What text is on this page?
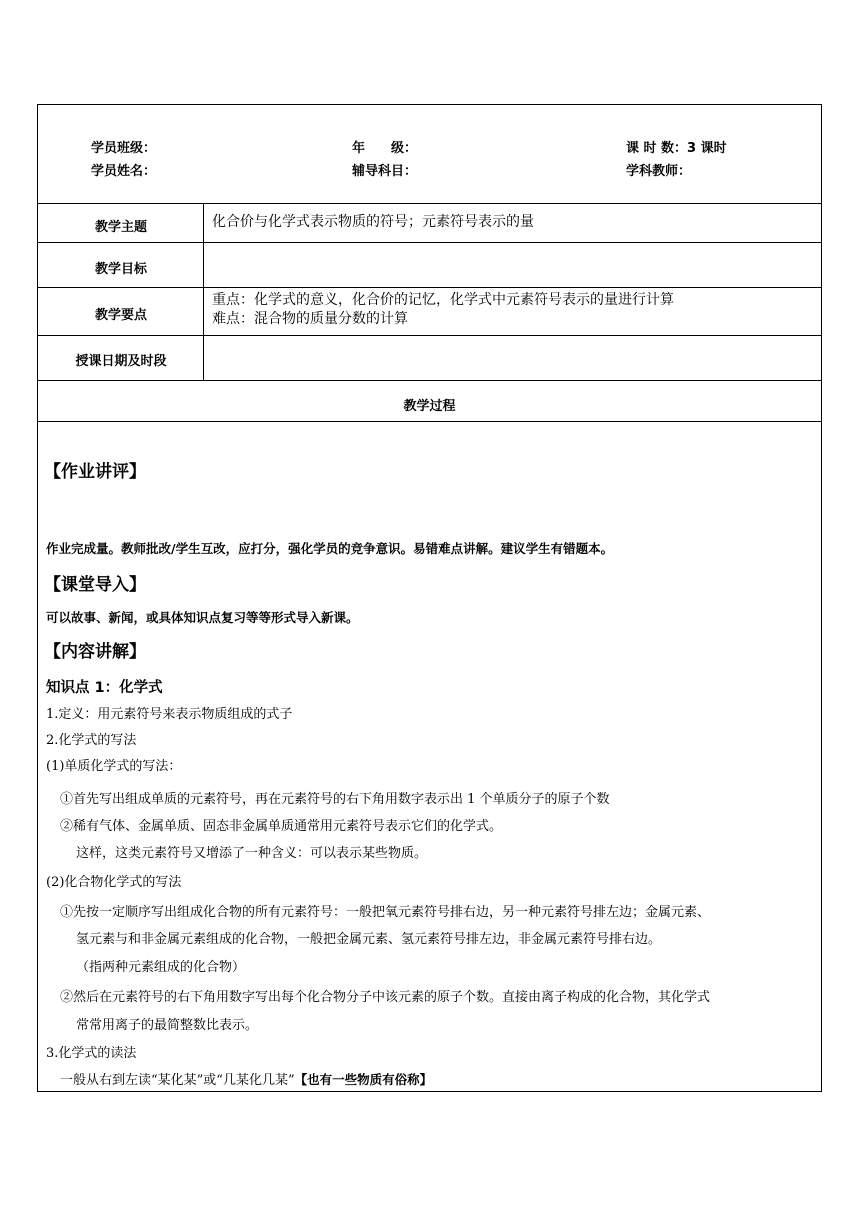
学员班级：
学员姓名：
年　　级：
辅导科目：
课 时 数：3 课时
学科教师：
教学主题	化合价与化学式表示物质的符号；元素符号表示的量
教学目标
教学要点
重点：化学式的意义，化合价的记忆，化学式中元素符号表示的量进行计算
难点：混合物的质量分数的计算
授课日期及时段
教学过程
【作业讲评】
作业完成量。教师批改/学生互改，应打分，强化学员的竞争意识。易错难点讲解。建议学生有错题本。
【课堂导入】
可以故事、新闻，或具体知识点复习等等形式导入新课。
【内容讲解】
知识点 1：化学式
1.定义：用元素符号来表示物质组成的式子
2.化学式的写法
(1)单质化学式的写法：
①首先写出组成单质的元素符号，再在元素符号的右下角用数字表示出 1 个单质分子的原子个数
②稀有气体、金属单质、固态非金属单质通常用元素符号表示它们的化学式。
这样，这类元素符号又增添了一种含义：可以表示某些物质。
(2)化合物化学式的写法
①先按一定顺序写出组成化合物的所有元素符号：一般把氧元素符号排右边，另一种元素符号排左边；金属元素、
氢元素与和非金属元素组成的化合物，一般把金属元素、氢元素符号排左边，非金属元素符号排右边。
（指两种元素组成的化合物）
②然后在元素符号的右下角用数字写出每个化合物分子中该元素的原子个数。直接由离子构成的化合物，其化学式
常常用离子的最简整数比表示。
3.化学式的读法
一般从右到左读“某化某”或“几某化几某”【也有一些物质有俗称】
